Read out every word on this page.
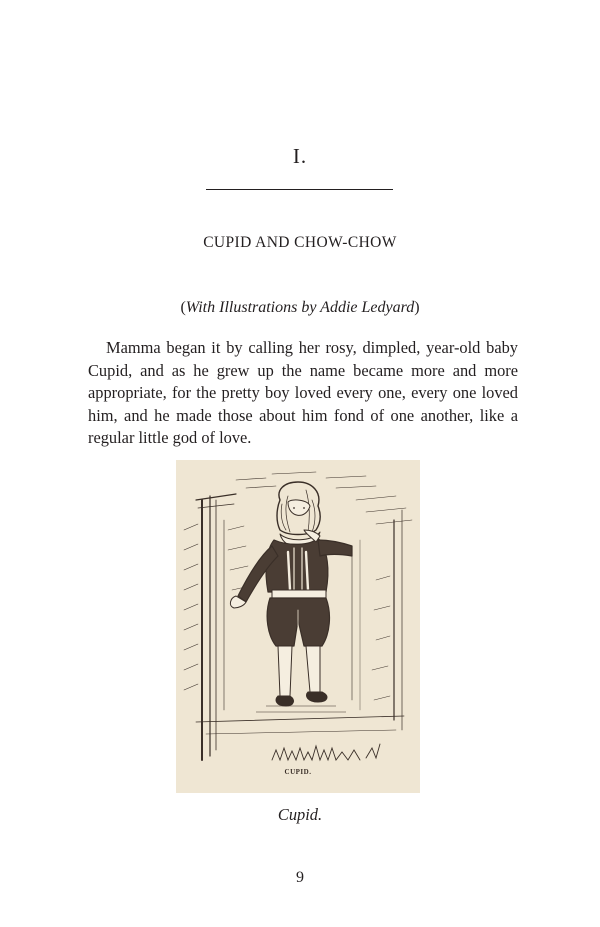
I.
CUPID AND CHOW-CHOW
(With Illustrations by Addie Ledyard)

Mamma began it by calling her rosy, dimpled, year-old baby Cupid, and as he grew up the name became more and more appropriate, for the pretty boy loved every one, every one loved him, and he made those about him fond of one another, like a regular little god of love.

CUPID.
Cupid.
9
